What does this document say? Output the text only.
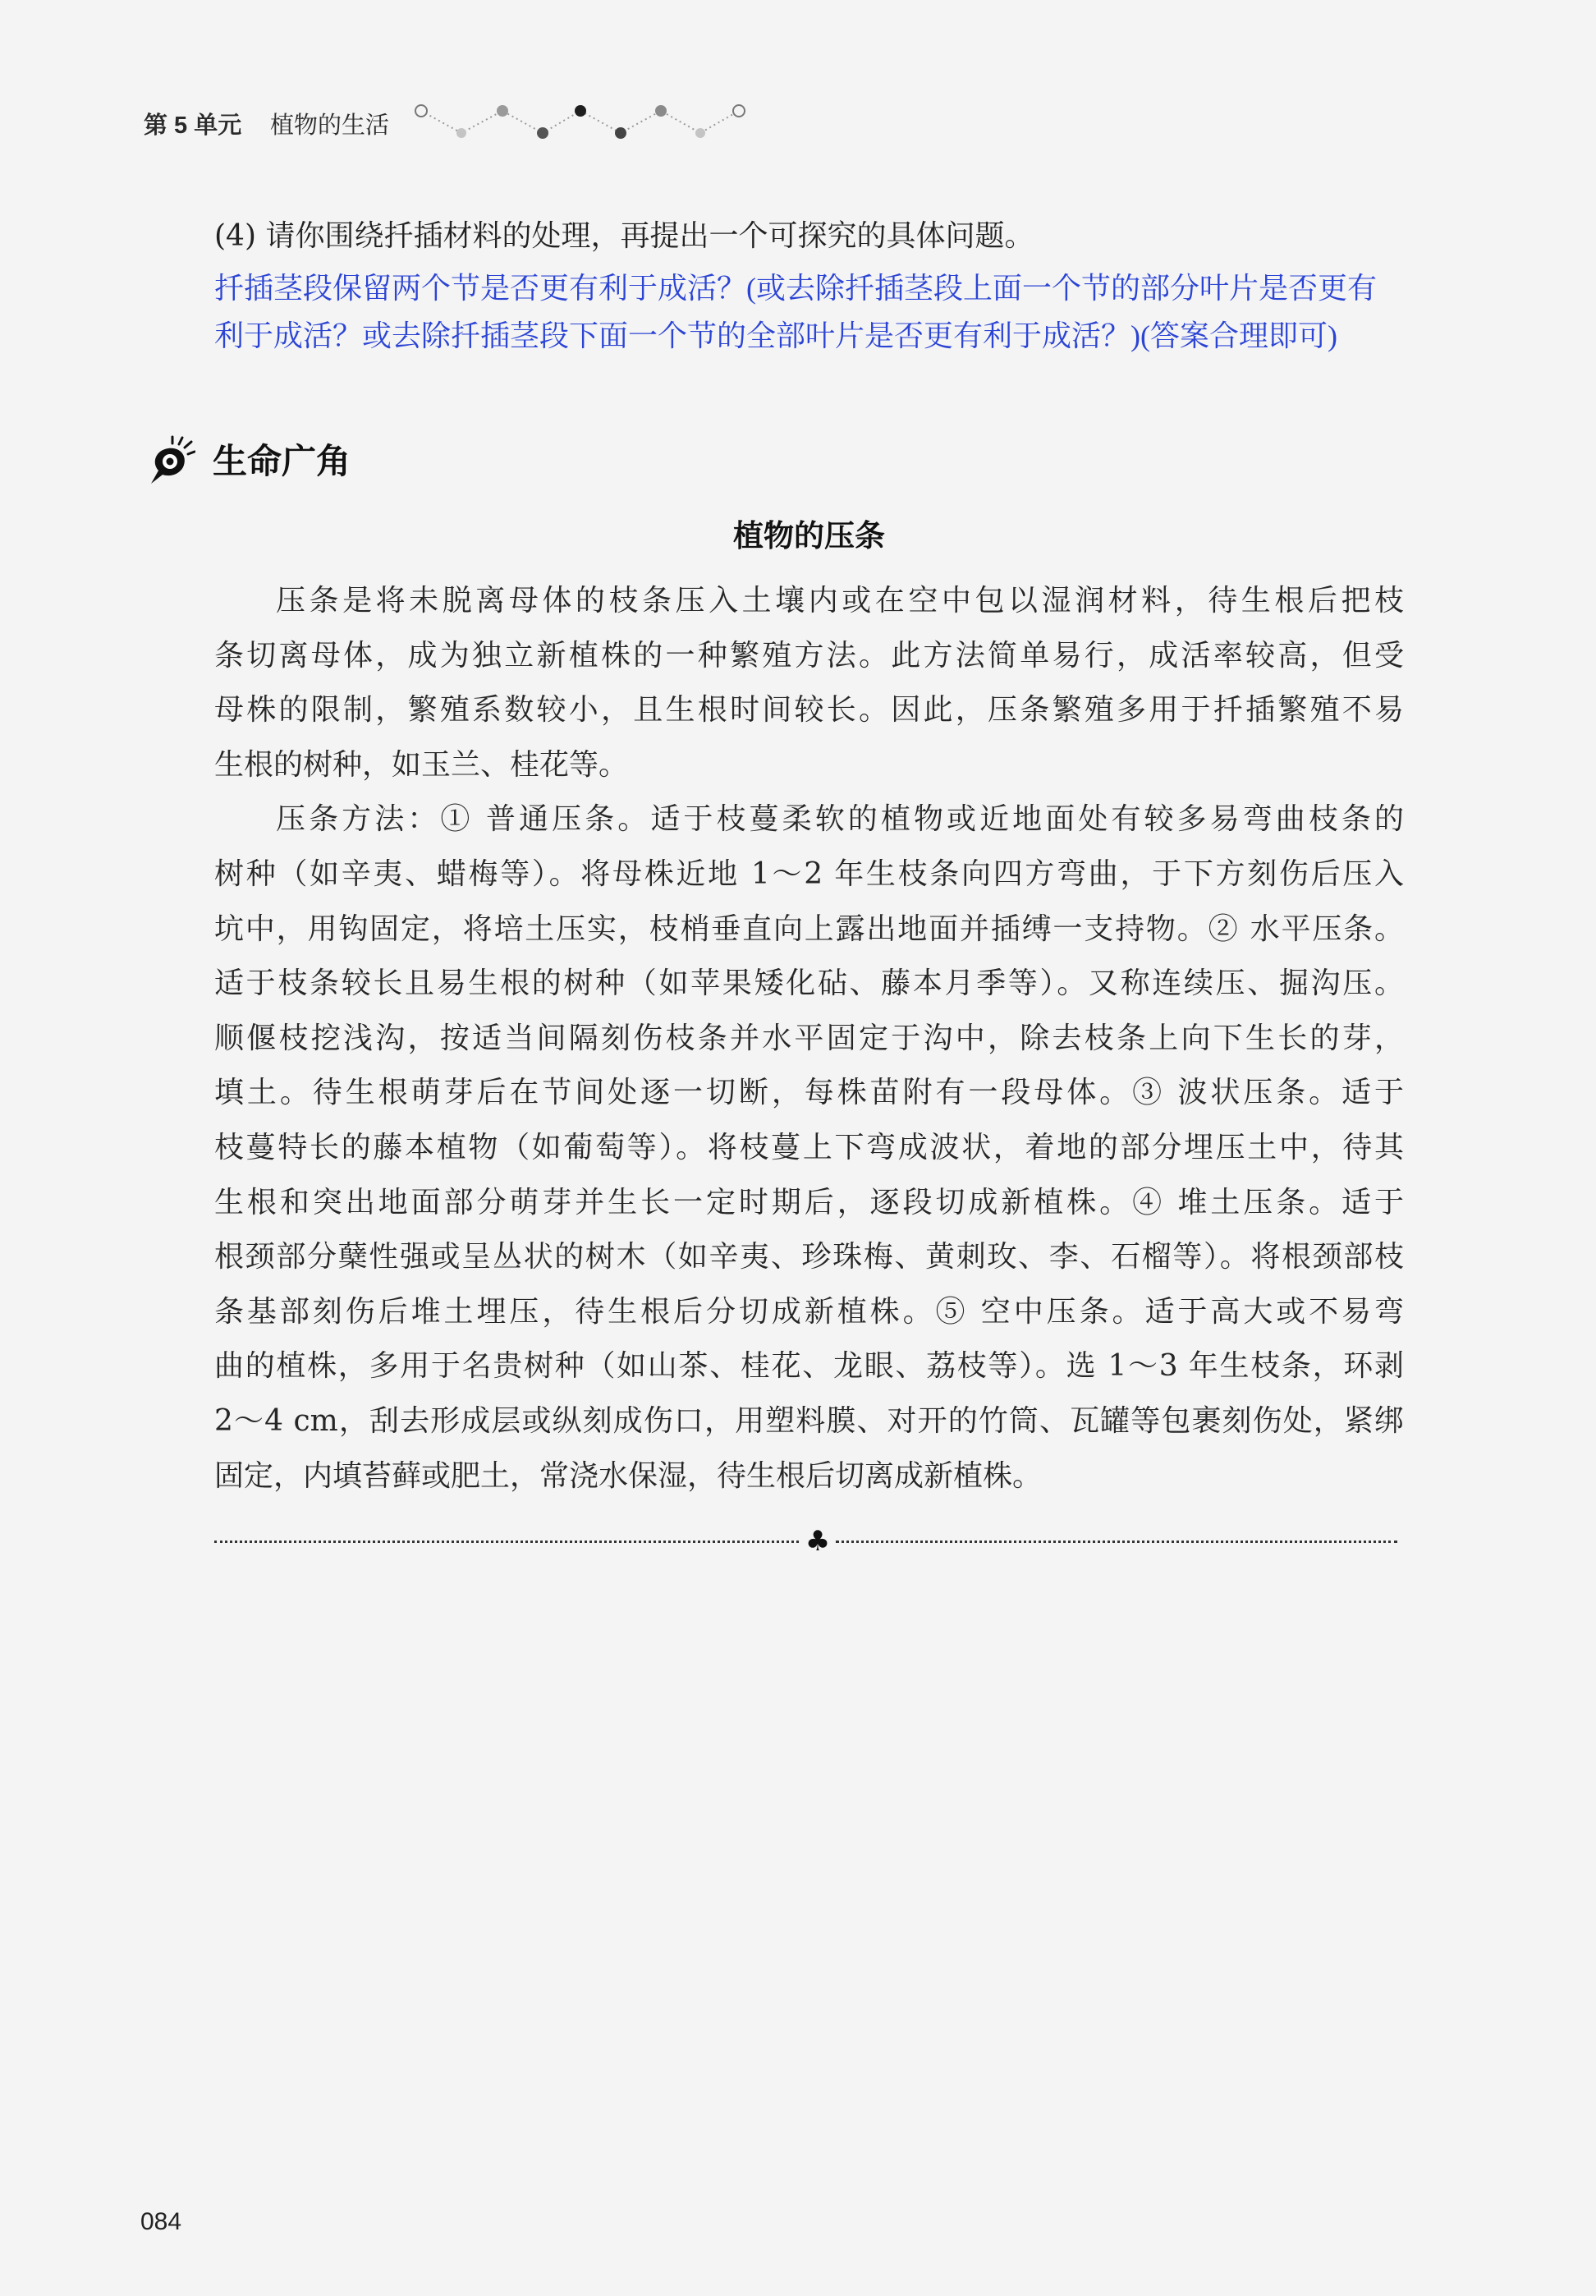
第 5 单元 植物的生活
(4) 请你围绕扦插材料的处理，再提出一个可探究的具体问题。
扦插茎段保留两个节是否更有利于成活？(或去除扦插茎段上面一个节的部分叶片是否更有
利于成活？或去除扦插茎段下面一个节的全部叶片是否更有利于成活？)(答案合理即可)
生命广角
植物的压条
压条是将未脱离母体的枝条压入土壤内或在空中包以湿润材料，待生根后把枝
条切离母体，成为独立新植株的一种繁殖方法。此方法简单易行，成活率较高，但受
母株的限制，繁殖系数较小，且生根时间较长。因此，压条繁殖多用于扦插繁殖不易
生根的树种，如玉兰、桂花等。
压条方法：① 普通压条。适于枝蔓柔软的植物或近地面处有较多易弯曲枝条的
树种（如辛夷、蜡梅等）。将母株近地 1～2 年生枝条向四方弯曲，于下方刻伤后压入
坑中，用钩固定，将培土压实，枝梢垂直向上露出地面并插缚一支持物。② 水平压条。
适于枝条较长且易生根的树种（如苹果矮化砧、藤本月季等）。又称连续压、掘沟压。
顺偃枝挖浅沟，按适当间隔刻伤枝条并水平固定于沟中，除去枝条上向下生长的芽，
填土。待生根萌芽后在节间处逐一切断，每株苗附有一段母体。③ 波状压条。适于
枝蔓特长的藤本植物（如葡萄等）。将枝蔓上下弯成波状，着地的部分埋压土中，待其
生根和突出地面部分萌芽并生长一定时期后，逐段切成新植株。④ 堆土压条。适于
根颈部分蘖性强或呈丛状的树木（如辛夷、珍珠梅、黄刺玫、李、石榴等）。将根颈部枝
条基部刻伤后堆土埋压，待生根后分切成新植株。⑤ 空中压条。适于高大或不易弯
曲的植株，多用于名贵树种（如山茶、桂花、龙眼、荔枝等）。选 1～3 年生枝条，环剥
2～4 cm，刮去形成层或纵刻成伤口，用塑料膜、对开的竹筒、瓦罐等包裹刻伤处，紧绑
固定，内填苔藓或肥土，常浇水保湿，待生根后切离成新植株。
♣
084
